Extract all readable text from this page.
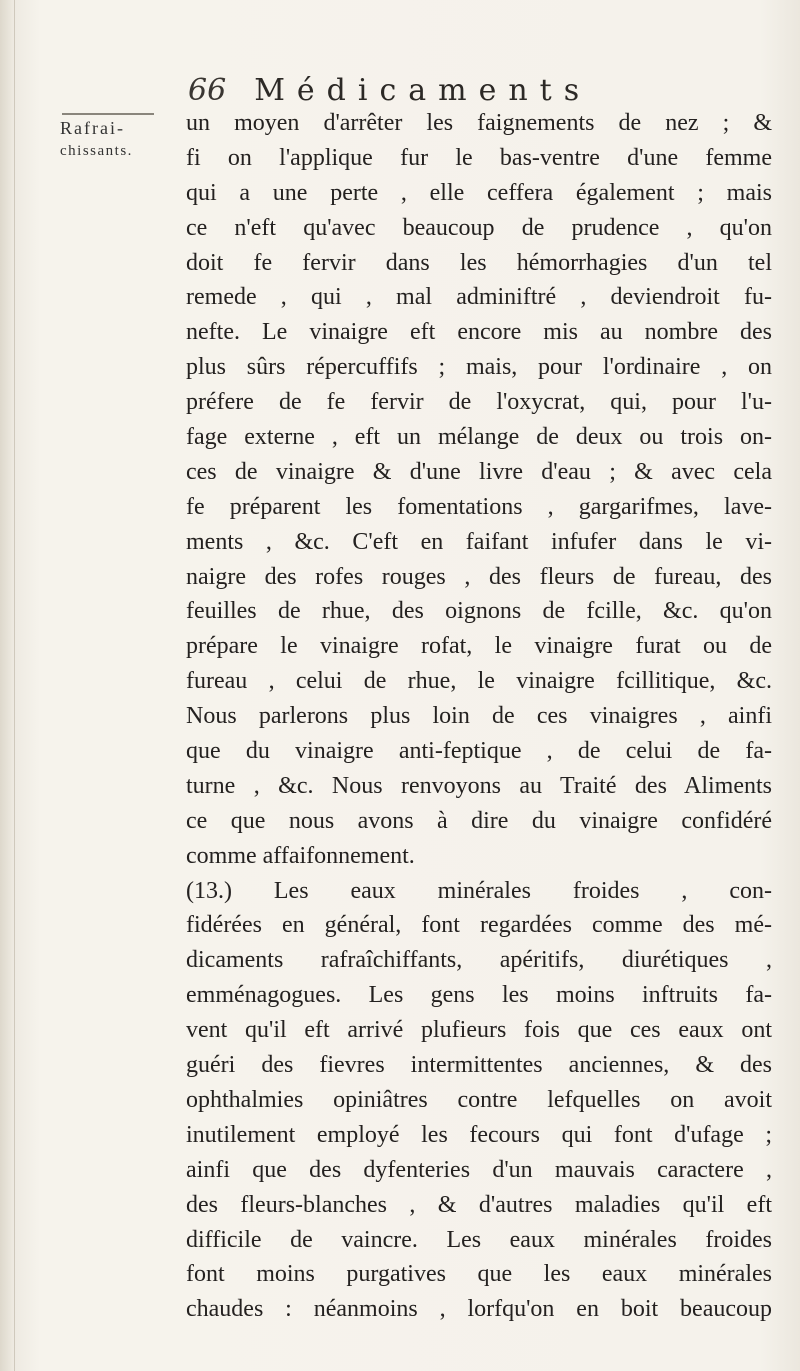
66 Médicaments
Rafrai-
chissants.
un moyen d'arrêter les faignements de nez ; &
fi on l'applique fur le bas-ventre d'une femme
qui a une perte , elle ceffera également ; mais
ce n'eft qu'avec beaucoup de prudence , qu'on
doit fe fervir dans les hémorrhagies d'un tel
remede , qui , mal adminiftré , deviendroit fu-
nefte. Le vinaigre eft encore mis au nombre des
plus sûrs répercuffifs ; mais, pour l'ordinaire , on
préfere de fe fervir de l'oxycrat, qui, pour l'u-
fage externe , eft un mélange de deux ou trois on-
ces de vinaigre & d'une livre d'eau ; & avec cela
fe préparent les fomentations , gargarifmes, lave-
ments , &c. C'eft en faifant infufer dans le vi-
naigre des rofes rouges , des fleurs de fureau, des
feuilles de rhue, des oignons de fcille, &c. qu'on
prépare le vinaigre rofat, le vinaigre furat ou de
fureau , celui de rhue, le vinaigre fcillitique, &c.
Nous parlerons plus loin de ces vinaigres , ainfi
que du vinaigre anti-feptique , de celui de fa-
turne , &c. Nous renvoyons au Traité des Aliments
ce que nous avons à dire du vinaigre confidéré
comme affaifonnement.
(13.) Les eaux minérales froides , con-
fidérées en général, font regardées comme des mé-
dicaments rafraîchiffants, apéritifs, diurétiques ,
emménagogues. Les gens les moins inftruits fa-
vent qu'il eft arrivé plufieurs fois que ces eaux ont
guéri des fievres intermittentes anciennes, & des
ophthalmies opiniâtres contre lefquelles on avoit
inutilement employé les fecours qui font d'ufage ;
ainfi que des dyfenteries d'un mauvais caractere ,
des fleurs-blanches , & d'autres maladies qu'il eft
difficile de vaincre. Les eaux minérales froides
font moins purgatives que les eaux minérales
chaudes : néanmoins , lorfqu'on en boit beaucoup
